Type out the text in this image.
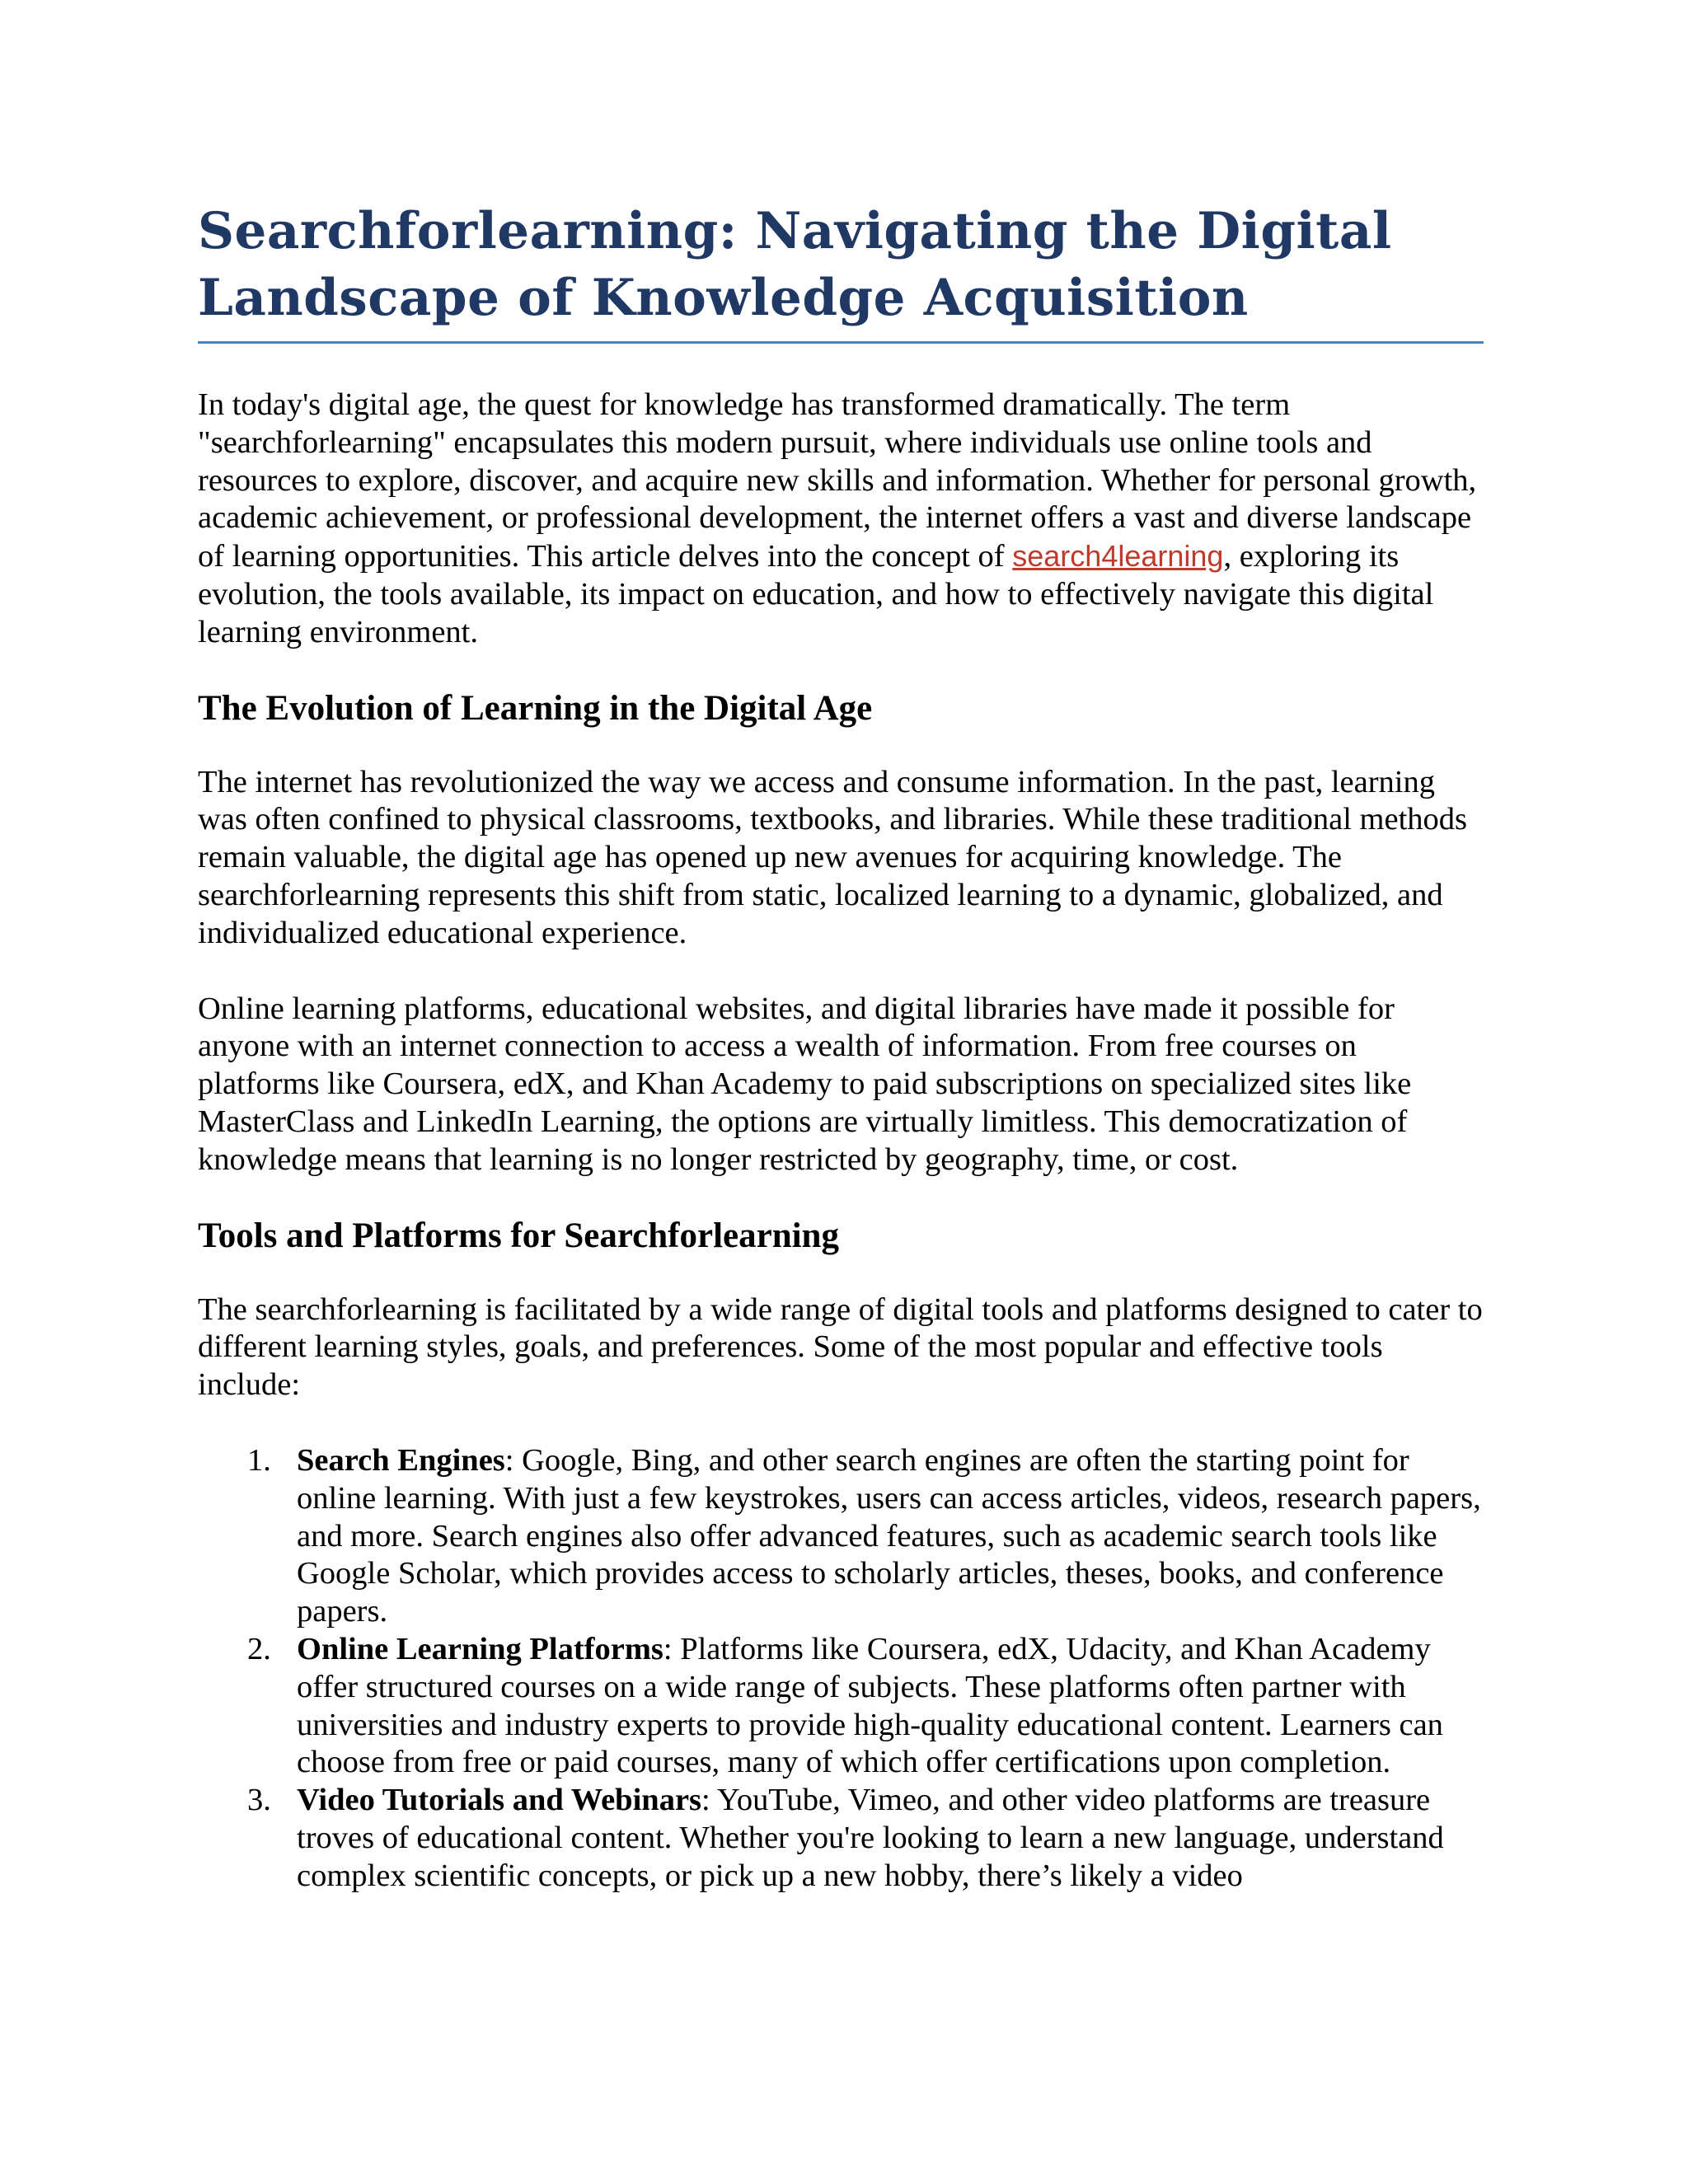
Searchforlearning: Navigating the Digital Landscape of Knowledge Acquisition

In today's digital age, the quest for knowledge has transformed dramatically. The term "searchforlearning" encapsulates this modern pursuit, where individuals use online tools and resources to explore, discover, and acquire new skills and information. Whether for personal growth, academic achievement, or professional development, the internet offers a vast and diverse landscape of learning opportunities. This article delves into the concept of search4learning, exploring its evolution, the tools available, its impact on education, and how to effectively navigate this digital learning environment.

The Evolution of Learning in the Digital Age

The internet has revolutionized the way we access and consume information. In the past, learning was often confined to physical classrooms, textbooks, and libraries. While these traditional methods remain valuable, the digital age has opened up new avenues for acquiring knowledge. The searchforlearning represents this shift from static, localized learning to a dynamic, globalized, and individualized educational experience.

Online learning platforms, educational websites, and digital libraries have made it possible for anyone with an internet connection to access a wealth of information. From free courses on platforms like Coursera, edX, and Khan Academy to paid subscriptions on specialized sites like MasterClass and LinkedIn Learning, the options are virtually limitless. This democratization of knowledge means that learning is no longer restricted by geography, time, or cost.

Tools and Platforms for Searchforlearning

The searchforlearning is facilitated by a wide range of digital tools and platforms designed to cater to different learning styles, goals, and preferences. Some of the most popular and effective tools include:

1. Search Engines: Google, Bing, and other search engines are often the starting point for online learning. With just a few keystrokes, users can access articles, videos, research papers, and more. Search engines also offer advanced features, such as academic search tools like Google Scholar, which provides access to scholarly articles, theses, books, and conference papers.
2. Online Learning Platforms: Platforms like Coursera, edX, Udacity, and Khan Academy offer structured courses on a wide range of subjects. These platforms often partner with universities and industry experts to provide high-quality educational content. Learners can choose from free or paid courses, many of which offer certifications upon completion.
3. Video Tutorials and Webinars: YouTube, Vimeo, and other video platforms are treasure troves of educational content. Whether you're looking to learn a new language, understand complex scientific concepts, or pick up a new hobby, there’s likely a video
